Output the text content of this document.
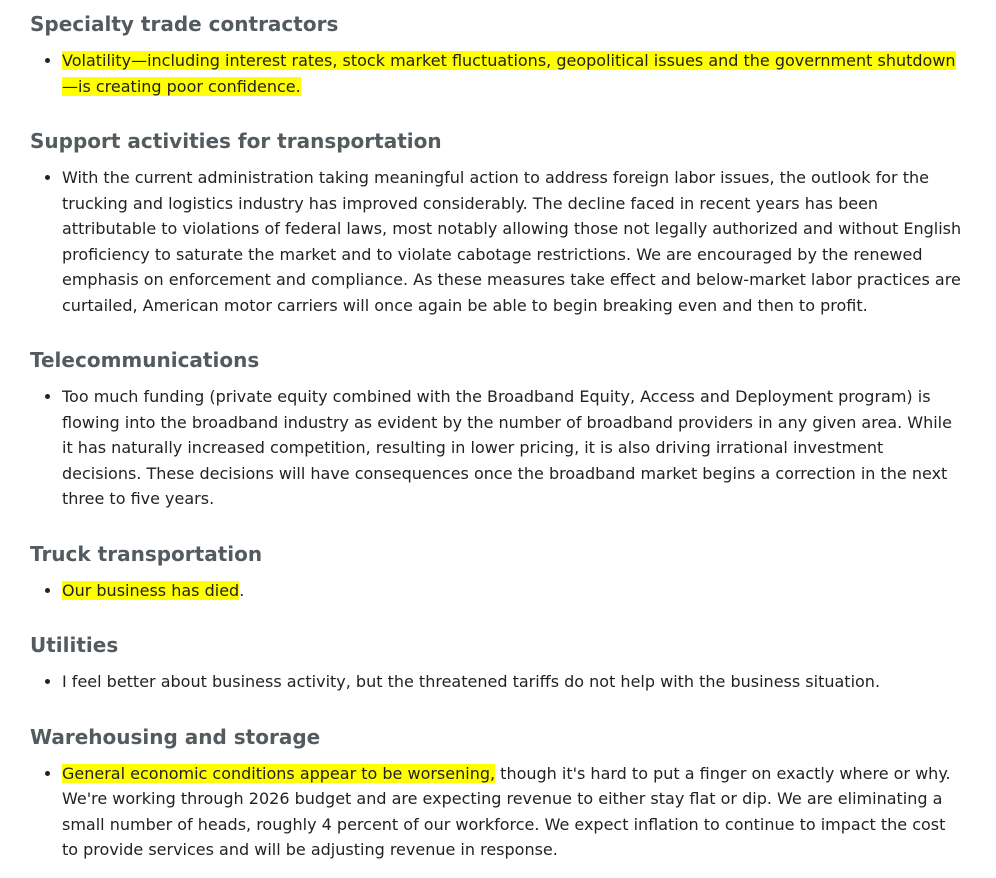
Specialty trade contractors
• Volatility—including interest rates, stock market fluctuations, geopolitical issues and the government shutdown—is creating poor confidence.
Support activities for transportation
• With the current administration taking meaningful action to address foreign labor issues, the outlook for the trucking and logistics industry has improved considerably. The decline faced in recent years has been attributable to violations of federal laws, most notably allowing those not legally authorized and without English proficiency to saturate the market and to violate cabotage restrictions. We are encouraged by the renewed emphasis on enforcement and compliance. As these measures take effect and below-market labor practices are curtailed, American motor carriers will once again be able to begin breaking even and then to profit.
Telecommunications
• Too much funding (private equity combined with the Broadband Equity, Access and Deployment program) is flowing into the broadband industry as evident by the number of broadband providers in any given area. While it has naturally increased competition, resulting in lower pricing, it is also driving irrational investment decisions. These decisions will have consequences once the broadband market begins a correction in the next three to five years.
Truck transportation
• Our business has died.
Utilities
• I feel better about business activity, but the threatened tariffs do not help with the business situation.
Warehousing and storage
• General economic conditions appear to be worsening, though it's hard to put a finger on exactly where or why. We're working through 2026 budget and are expecting revenue to either stay flat or dip. We are eliminating a small number of heads, roughly 4 percent of our workforce. We expect inflation to continue to impact the cost to provide services and will be adjusting revenue in response.
